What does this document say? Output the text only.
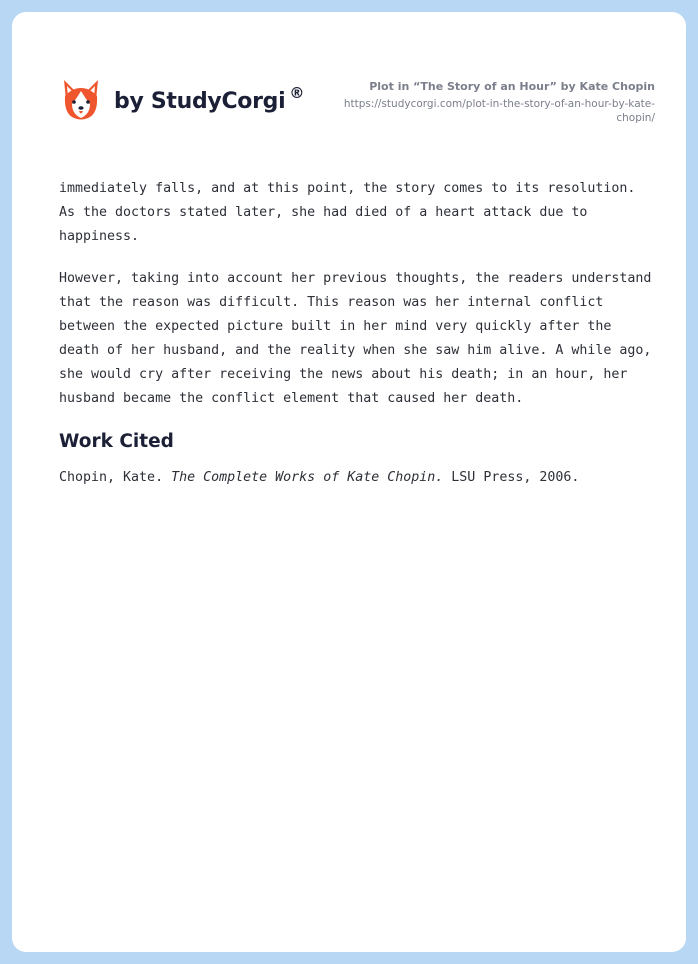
by StudyCorgi ®	Plot in “The Story of an Hour” by Kate Chopin
https://studycorgi.com/plot-in-the-story-of-an-hour-by-kate-chopin/

immediately falls, and at this point, the story comes to its resolution. As the doctors stated later, she had died of a heart attack due to happiness.

However, taking into account her previous thoughts, the readers understand that the reason was difficult. This reason was her internal conflict between the expected picture built in her mind very quickly after the death of her husband, and the reality when she saw him alive. A while ago, she would cry after receiving the news about his death; in an hour, her husband became the conflict element that caused her death.

Work Cited

Chopin, Kate. The Complete Works of Kate Chopin. LSU Press, 2006.
